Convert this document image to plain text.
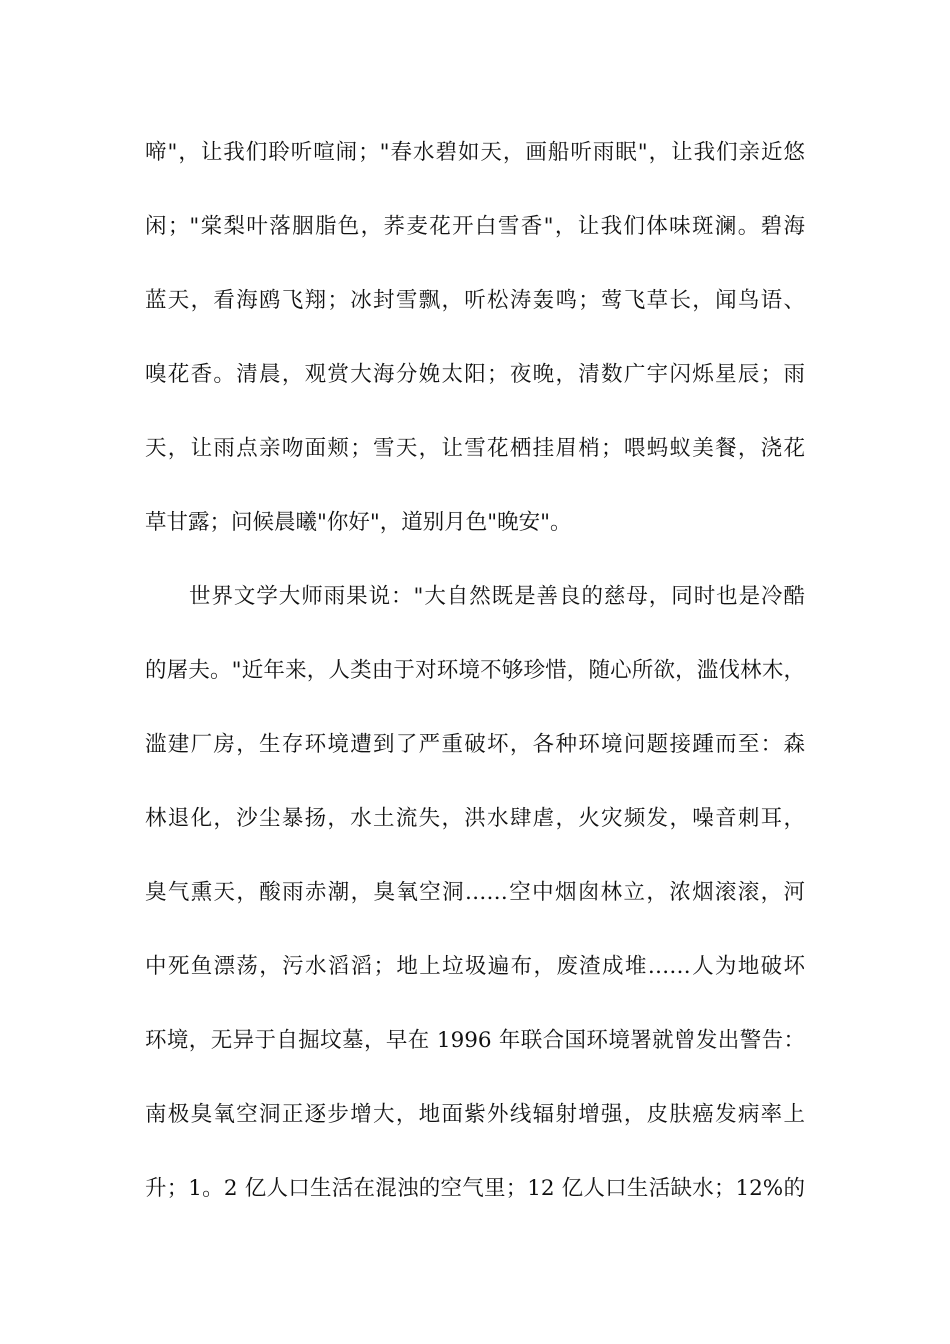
啼"，让我们聆听喧闹；"春水碧如天，画船听雨眠"，让我们亲近悠
闲；"棠梨叶落胭脂色，荞麦花开白雪香"，让我们体味斑澜。碧海
蓝天，看海鸥飞翔；冰封雪飘，听松涛轰鸣；莺飞草长，闻鸟语、
嗅花香。清晨，观赏大海分娩太阳；夜晚，清数广宇闪烁星辰；雨
天，让雨点亲吻面颊；雪天，让雪花栖挂眉梢；喂蚂蚁美餐，浇花
草甘露；问候晨曦"你好"，道别月色"晚安"。
世界文学大师雨果说："大自然既是善良的慈母，同时也是冷酷
的屠夫。"近年来，人类由于对环境不够珍惜，随心所欲，滥伐林木，
滥建厂房，生存环境遭到了严重破坏，各种环境问题接踵而至：森
林退化，沙尘暴扬，水土流失，洪水肆虐，火灾频发，噪音刺耳，
臭气熏天，酸雨赤潮，臭氧空洞……空中烟囱林立，浓烟滚滚，河
中死鱼漂荡，污水滔滔；地上垃圾遍布，废渣成堆……人为地破坏
环境，无异于自掘坟墓，早在 1996 年联合国环境署就曾发出警告：
南极臭氧空洞正逐步增大，地面紫外线辐射增强，皮肤癌发病率上
升；1。2 亿人口生活在混浊的空气里；12 亿人口生活缺水；12%的
